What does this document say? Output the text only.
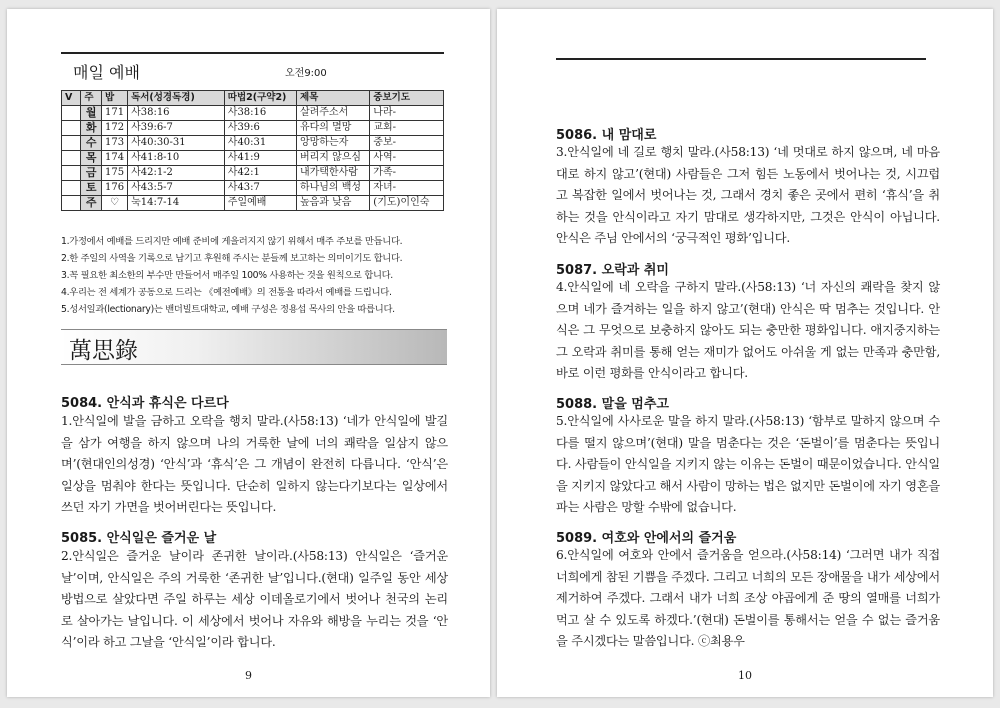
매일 예배	오전9:00
V	주	밥	독서(성경독경)	따법2(구약2)	제목	중보기도
	월	171	사38:16	사38:16	살려주소서	나라-
	화	172	사39:6-7	사39:6	유다의 멸망	교회-
	수	173	사40:30-31	사40:31	앙망하는자	중보-
	목	174	사41:8-10	사41:9	버리지 않으심	사역-
	금	175	사42:1-2	사42:1	내가택한사람	가족-
	토	176	사43:5-7	사43:7	하나님의 백성	자녀-
	주	♡	눅14:7-14	주일예배	높음과 낮음	(기도)이인숙
1.가정에서 예배를 드리지만 예배 준비에 게을러지지 않기 위해서 매주 주보를 만듭니다.
2.한 주일의 사역을 기록으로 남기고 후원해 주시는 분들께 보고하는 의미이기도 합니다.
3.꼭 필요한 최소한의 부수만 만들어서 매주일 100% 사용하는 것을 원칙으로 합니다.
4.우리는 전 세계가 공동으로 드리는 《예전예배》의 전통을 따라서 예배를 드립니다.
5.성서일과(lectionary)는 밴더빌트대학교, 예배 구성은 정용섭 목사의 안을 따릅니다.
萬思錄
5084. 안식과 휴식은 다르다
1.안식일에 발을 금하고 오락을 행치 말라.(사58:13) ‘네가 안식일에 발길을 삼가 여행을 하지 않으며 나의 거룩한 날에 너의 쾌락을 일삼지 않으며’(현대인의성경) ‘안식’과 ‘휴식’은 그 개념이 완전히 다릅니다. ‘안식’은 일상을 멈춰야 한다는 뜻입니다. 단순히 일하지 않는다기보다는 일상에서 쓰던 자기 가면을 벗어버린다는 뜻입니다.
5085. 안식일은 즐거운 날
2.안식일은 즐거운 날이라 존귀한 날이라.(사58:13) 안식일은 ‘즐거운 날’이며, 안식일은 주의 거룩한 ‘존귀한 날’입니다.(현대) 일주일 동안 세상 방법으로 살았다면 주일 하루는 세상 이데올로기에서 벗어나 천국의 논리로 살아가는 날입니다. 이 세상에서 벗어나 자유와 해방을 누리는 것을 ‘안식’이라 하고 그날을 ‘안식일’이라 합니다.
9
5086. 내 맘대로
3.안식일에 네 길로 행치 말라.(사58:13) ‘네 멋대로 하지 않으며, 네 마음대로 하지 않고’(현대) 사람들은 그저 힘든 노동에서 벗어나는 것, 시끄럽고 복잡한 일에서 벗어나는 것, 그래서 경치 좋은 곳에서 편히 ‘휴식’을 취하는 것을 안식이라고 자기 맘대로 생각하지만, 그것은 안식이 아닙니다. 안식은 주님 안에서의 ‘궁극적인 평화’입니다.
5087. 오락과 취미
4.안식일에 네 오락을 구하지 말라.(사58:13) ‘너 자신의 쾌락을 찾지 않으며 네가 즐겨하는 일을 하지 않고’(현대) 안식은 딱 멈추는 것입니다. 안식은 그 무엇으로 보충하지 않아도 되는 충만한 평화입니다. 애지중지하는 그 오락과 취미를 통해 얻는 재미가 없어도 아쉬울 게 없는 만족과 충만함, 바로 이런 평화를 안식이라고 합니다.
5088. 말을 멈추고
5.안식일에 사사로운 말을 하지 말라.(사58:13) ‘함부로 말하지 않으며 수다를 떨지 않으며’(현대) 말을 멈춘다는 것은 ‘돈벌이’를 멈춘다는 뜻입니다. 사람들이 안식일을 지키지 않는 이유는 돈벌이 때문이었습니다. 안식일을 지키지 않았다고 해서 사람이 망하는 법은 없지만 돈벌이에 자기 영혼을 파는 사람은 망할 수밖에 없습니다.
5089. 여호와 안에서의 즐거움
6.안식일에 여호와 안에서 즐거움을 얻으라.(사58:14) ‘그러면 내가 직접 너희에게 참된 기쁨을 주겠다. 그리고 너희의 모든 장애물을 내가 세상에서 제거하여 주겠다. 그래서 내가 너희 조상 야곱에게 준 땅의 열매를 너희가 먹고 살 수 있도록 하겠다.’(현대) 돈벌이를 통해서는 얻을 수 없는 즐거움을 주시겠다는 말씀입니다. ⓒ최용우
10
